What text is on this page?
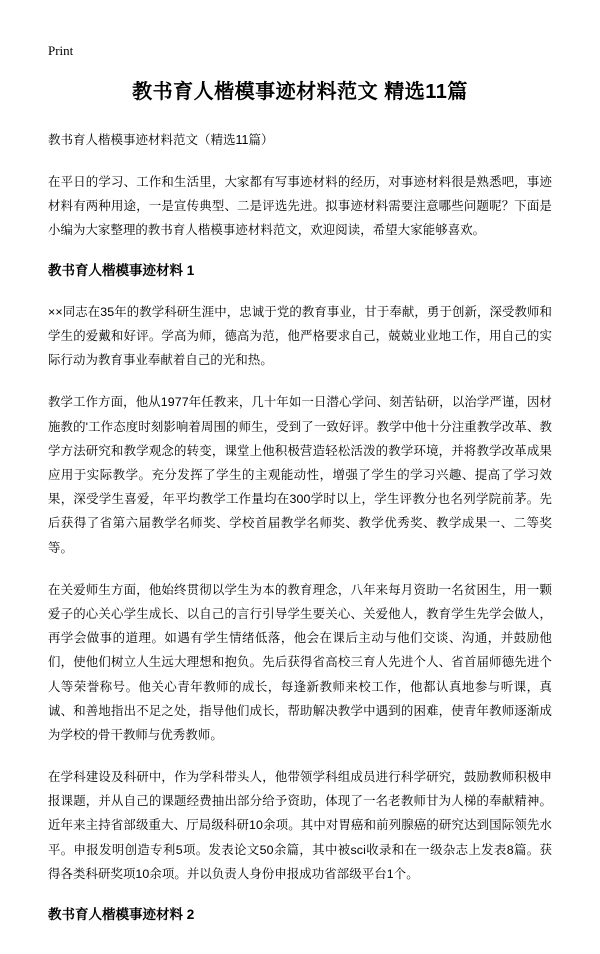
Print
教书育人楷模事迹材料范文 精选11篇
教书育人楷模事迹材料范文（精选11篇）

在平日的学习、工作和生活里，大家都有写事迹材料的经历，对事迹材料很是熟悉吧，事迹材料有两种用途，一是宣传典型、二是评选先进。拟事迹材料需要注意哪些问题呢？下面是小编为大家整理的教书育人楷模事迹材料范文，欢迎阅读，希望大家能够喜欢。

教书育人楷模事迹材料 1

××同志在35年的教学科研生涯中，忠诚于党的教育事业，甘于奉献，勇于创新，深受教师和学生的爱戴和好评。学高为师，德高为范，他严格要求自己，兢兢业业地工作，用自己的实际行动为教育事业奉献着自己的光和热。

教学工作方面，他从1977年任教来，几十年如一日潜心学问、刻苦钻研，以治学严谨，因材施教的'工作态度时刻影响着周围的师生，受到了一致好评。教学中他十分注重教学改革、教学方法研究和教学观念的转变，课堂上他积极营造轻松活泼的教学环境，并将教学改革成果应用于实际教学。充分发挥了学生的主观能动性，增强了学生的学习兴趣、提高了学习效果，深受学生喜爱，年平均教学工作量均在300学时以上，学生评教分也名列学院前茅。先后获得了省第六届教学名师奖、学校首届教学名师奖、教学优秀奖、教学成果一、二等奖等。

在关爱师生方面，他始终贯彻以学生为本的教育理念，八年来每月资助一名贫困生，用一颗爱子的心关心学生成长、以自己的言行引导学生要关心、关爱他人，教育学生先学会做人，再学会做事的道理。如遇有学生情绪低落，他会在课后主动与他们交谈、沟通，并鼓励他们，使他们树立人生远大理想和抱负。先后获得省高校三育人先进个人、省首届师德先进个人等荣誉称号。他关心青年教师的成长，每逢新教师来校工作，他都认真地参与听课，真诚、和善地指出不足之处，指导他们成长，帮助解决教学中遇到的困难，使青年教师逐渐成为学校的骨干教师与优秀教师。

在学科建设及科研中，作为学科带头人，他带领学科组成员进行科学研究，鼓励教师积极申报课题，并从自己的课题经费抽出部分给予资助，体现了一名老教师甘为人梯的奉献精神。近年来主持省部级重大、厅局级科研10余项。其中对胃癌和前列腺癌的研究达到国际领先水平。申报发明创造专利5项。发表论文50余篇，其中被sci收录和在一级杂志上发表8篇。获得各类科研奖项10余项。并以负责人身份申报成功省部级平台1个。

教书育人楷模事迹材料 2
